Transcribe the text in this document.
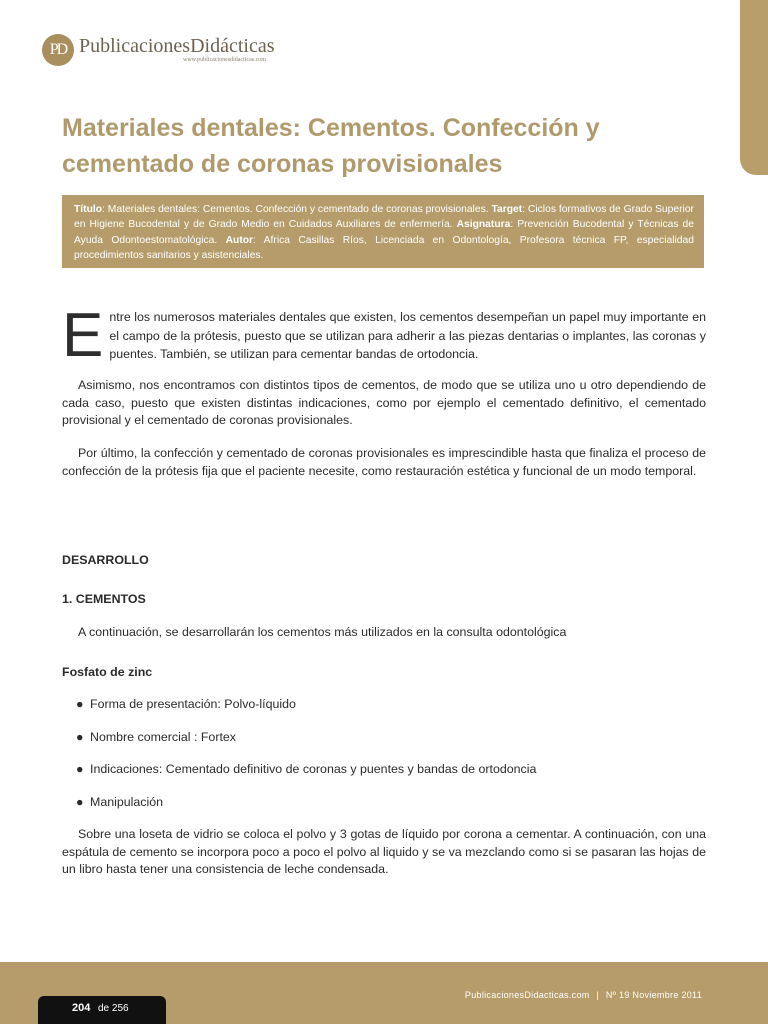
PD PublicacionesDidácticas
www.publicacionesdidacticas.com
Materiales dentales: Cementos. Confección y cementado de coronas provisionales
Título: Materiales dentales: Cementos. Confección y cementado de coronas provisionales. Target: Ciclos formativos de Grado Superior en Higiene Bucodental y de Grado Medio en Cuidados Auxiliares de enfermería. Asignatura: Prevención Bucodental y Técnicas de Ayuda Odontoestomatológica. Autor: Africa Casillas Ríos, Licenciada en Odontología, Profesora técnica FP, especialidad procedimientos sanitarios y asistenciales.
E ntre los numerosos materiales dentales que existen, los cementos desempeñan un papel muy importante en el campo de la prótesis, puesto que se utilizan para adherir a las piezas dentarias o implantes, las coronas y puentes. También, se utilizan para cementar bandas de ortodoncia.

Asimismo, nos encontramos con distintos tipos de cementos, de modo que se utiliza uno u otro dependiendo de cada caso, puesto que existen distintas indicaciones, como por ejemplo el cementado definitivo, el cementado provisional y el cementado de coronas provisionales.

Por último, la confección y cementado de coronas provisionales es imprescindible hasta que finaliza el proceso de confección de la prótesis fija que el paciente necesite, como restauración estética y funcional de un modo temporal.

DESARROLLO

1. CEMENTOS

A continuación, se desarrollarán los cementos más utilizados en la consulta odontológica

Fosfato de zinc

● Forma de presentación: Polvo-líquido
● Nombre comercial : Fortex
● Indicaciones: Cementado definitivo de coronas y puentes y bandas de ortodoncia
● Manipulación

Sobre una loseta de vidrio se coloca el polvo y 3 gotas de líquido por corona a cementar. A continuación, con una espátula de cemento se incorpora poco a poco el polvo al liquido y se va mezclando como si se pasaran las hojas de un libro hasta tener una consistencia de leche condensada.

PublicacionesDidacticas.com | Nº 19 Noviembre 2011
204 de 256
